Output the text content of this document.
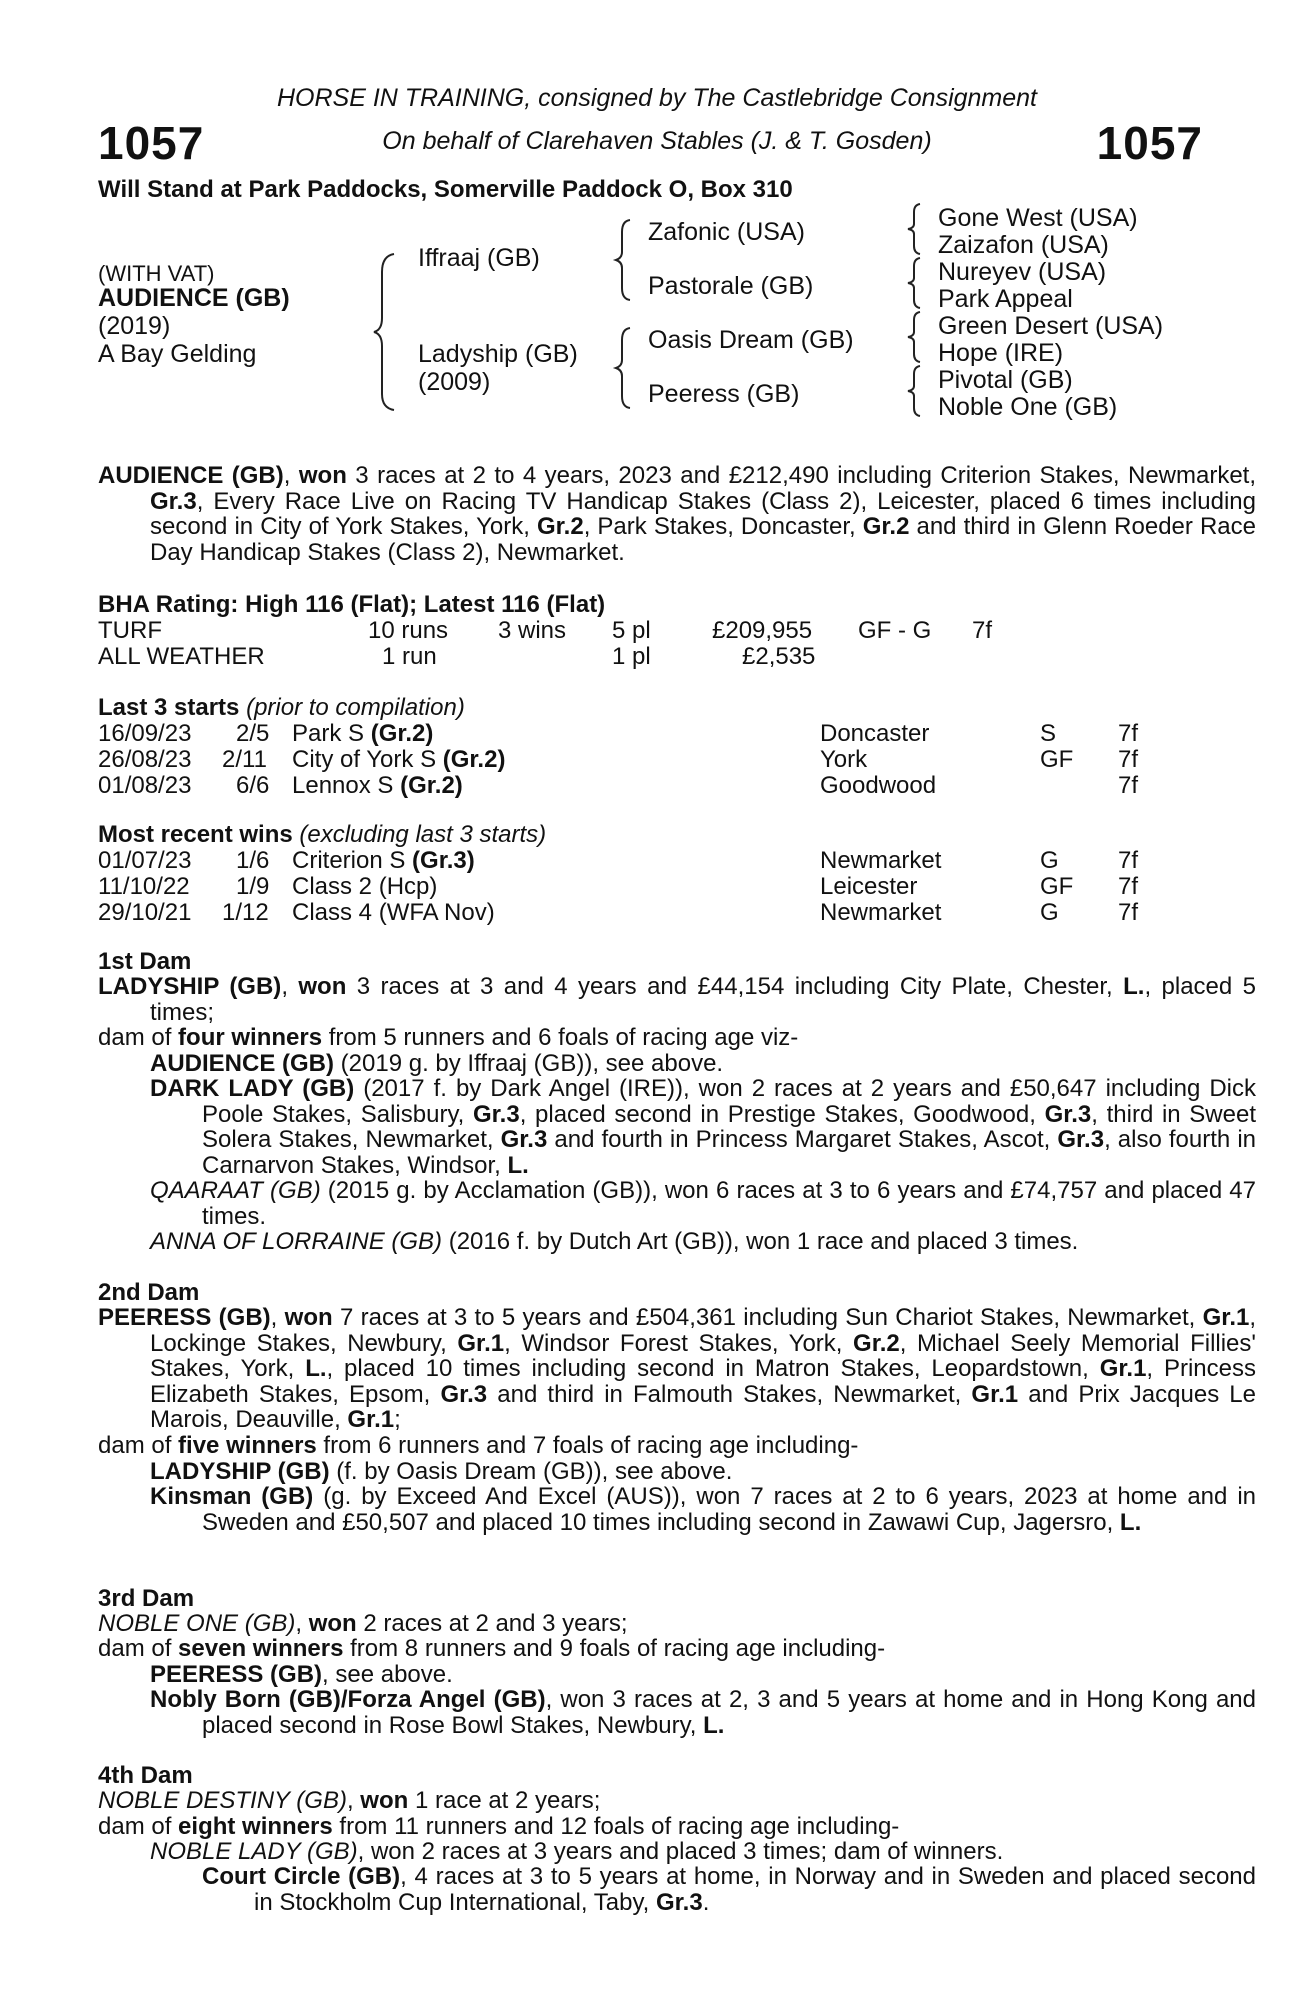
HORSE IN TRAINING, consigned by The Castlebridge Consignment
1057	On behalf of Clarehaven Stables (J. & T. Gosden)	1057
Will Stand at Park Paddocks, Somerville Paddock O, Box 310
(WITH VAT)
AUDIENCE (GB)
(2019)
A Bay Gelding
Iffraaj (GB)
Ladyship (GB)
(2009)
Zafonic (USA)
Pastorale (GB)
Oasis Dream (GB)
Peeress (GB)
Gone West (USA)
Zaizafon (USA)
Nureyev (USA)
Park Appeal
Green Desert (USA)
Hope (IRE)
Pivotal (GB)
Noble One (GB)
AUDIENCE (GB), won 3 races at 2 to 4 years, 2023 and £212,490 including Criterion Stakes, Newmarket, Gr.3, Every Race Live on Racing TV Handicap Stakes (Class 2), Leicester, placed 6 times including second in City of York Stakes, York, Gr.2, Park Stakes, Doncaster, Gr.2 and third in Glenn Roeder Race Day Handicap Stakes (Class 2), Newmarket.
BHA Rating: High 116 (Flat); Latest 116 (Flat)
TURF	10 runs 3 wins 5 pl	£209,955 GF - G 7f
ALL WEATHER	1 run	1 pl	£2,535
Last 3 starts (prior to compilation)
16/09/23 2/5 Park S (Gr.2)	Doncaster	S	7f
26/08/23 2/11 City of York S (Gr.2)	York	GF 7f
01/08/23 6/6 Lennox S (Gr.2)	Goodwood	7f
Most recent wins (excluding last 3 starts)
01/07/23 1/6 Criterion S (Gr.3)	Newmarket	G 7f
11/10/22 1/9 Class 2 (Hcp)	Leicester	GF 7f
29/10/21 1/12 Class 4 (WFA Nov)	Newmarket	G 7f
1st Dam
LADYSHIP (GB), won 3 races at 3 and 4 years and £44,154 including City Plate, Chester, L., placed 5 times;
dam of four winners from 5 runners and 6 foals of racing age viz-
AUDIENCE (GB) (2019 g. by Iffraaj (GB)), see above.
DARK LADY (GB) (2017 f. by Dark Angel (IRE)), won 2 races at 2 years and £50,647 including Dick Poole Stakes, Salisbury, Gr.3, placed second in Prestige Stakes, Goodwood, Gr.3, third in Sweet Solera Stakes, Newmarket, Gr.3 and fourth in Princess Margaret Stakes, Ascot, Gr.3, also fourth in Carnarvon Stakes, Windsor, L.
QAARAAT (GB) (2015 g. by Acclamation (GB)), won 6 races at 3 to 6 years and £74,757 and placed 47 times.
ANNA OF LORRAINE (GB) (2016 f. by Dutch Art (GB)), won 1 race and placed 3 times.
2nd Dam
PEERESS (GB), won 7 races at 3 to 5 years and £504,361 including Sun Chariot Stakes, Newmarket, Gr.1, Lockinge Stakes, Newbury, Gr.1, Windsor Forest Stakes, York, Gr.2, Michael Seely Memorial Fillies' Stakes, York, L., placed 10 times including second in Matron Stakes, Leopardstown, Gr.1, Princess Elizabeth Stakes, Epsom, Gr.3 and third in Falmouth Stakes, Newmarket, Gr.1 and Prix Jacques Le Marois, Deauville, Gr.1;
dam of five winners from 6 runners and 7 foals of racing age including-
LADYSHIP (GB) (f. by Oasis Dream (GB)), see above.
Kinsman (GB) (g. by Exceed And Excel (AUS)), won 7 races at 2 to 6 years, 2023 at home and in Sweden and £50,507 and placed 10 times including second in Zawawi Cup, Jagersro, L.
3rd Dam
NOBLE ONE (GB), won 2 races at 2 and 3 years;
dam of seven winners from 8 runners and 9 foals of racing age including-
PEERESS (GB), see above.
Nobly Born (GB)/Forza Angel (GB), won 3 races at 2, 3 and 5 years at home and in Hong Kong and placed second in Rose Bowl Stakes, Newbury, L.
4th Dam
NOBLE DESTINY (GB), won 1 race at 2 years;
dam of eight winners from 11 runners and 12 foals of racing age including-
NOBLE LADY (GB), won 2 races at 3 years and placed 3 times; dam of winners.
Court Circle (GB), 4 races at 3 to 5 years at home, in Norway and in Sweden and placed second in Stockholm Cup International, Taby, Gr.3.
